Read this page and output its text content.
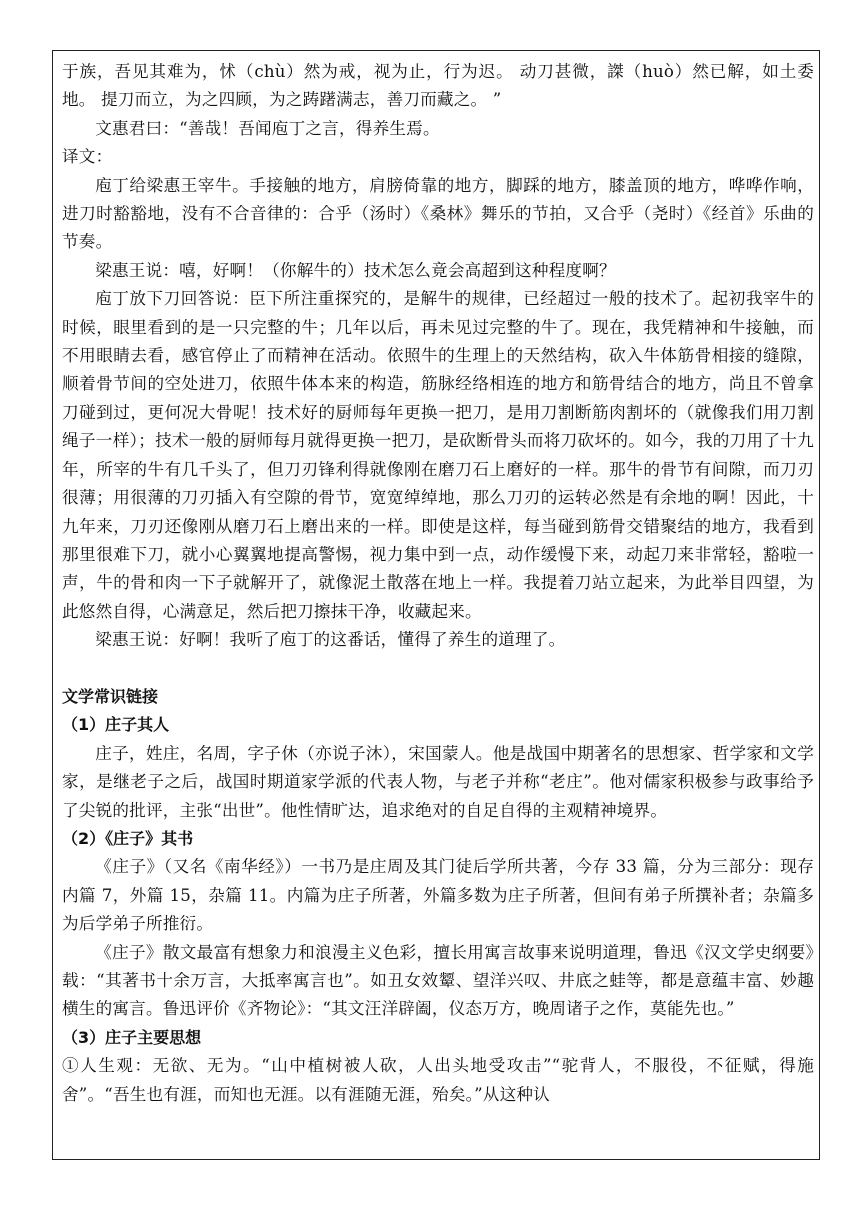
于族，吾见其难为，怵（chù）然为戒，视为止，行为迟。 动刀甚微，謋（huò）然已解，如土委地。 提刀而立，为之四顾，为之踌躇满志，善刀而藏之。 ”

文惠君曰：“善哉！吾闻庖丁之言，得养生焉。

译文：

庖丁给梁惠王宰牛。手接触的地方，肩膀倚靠的地方，脚踩的地方，膝盖顶的地方，哗哗作响，进刀时豁豁地，没有不合音律的：合乎（汤时）《桑林》舞乐的节拍，又合乎（尧时）《经首》乐曲的节奏。

梁惠王说：嘻，好啊！（你解牛的）技术怎么竟会高超到这种程度啊？

庖丁放下刀回答说：臣下所注重探究的，是解牛的规律，已经超过一般的技术了。起初我宰牛的时候，眼里看到的是一只完整的牛；几年以后，再未见过完整的牛了。现在，我凭精神和牛接触，而不用眼睛去看，感官停止了而精神在活动。依照牛的生理上的天然结构，砍入牛体筋骨相接的缝隙，顺着骨节间的空处进刀，依照牛体本来的构造，筋脉经络相连的地方和筋骨结合的地方，尚且不曾拿刀碰到过，更何况大骨呢！技术好的厨师每年更换一把刀，是用刀割断筋肉割坏的（就像我们用刀割绳子一样）；技术一般的厨师每月就得更换一把刀，是砍断骨头而将刀砍坏的。如今，我的刀用了十九年，所宰的牛有几千头了，但刀刃锋利得就像刚在磨刀石上磨好的一样。那牛的骨节有间隙，而刀刃很薄；用很薄的刀刃插入有空隙的骨节，宽宽绰绰地，那么刀刃的运转必然是有余地的啊！因此，十九年来，刀刃还像刚从磨刀石上磨出来的一样。即使是这样，每当碰到筋骨交错聚结的地方，我看到那里很难下刀，就小心翼翼地提高警惕，视力集中到一点，动作缓慢下来，动起刀来非常轻，豁啦一声，牛的骨和肉一下子就解开了，就像泥土散落在地上一样。我提着刀站立起来，为此举目四望，为此悠然自得，心满意足，然后把刀擦抹干净，收藏起来。

梁惠王说：好啊！我听了庖丁的这番话，懂得了养生的道理了。

文学常识链接

（1）庄子其人

庄子，姓庄，名周，字子休（亦说子沐），宋国蒙人。他是战国中期著名的思想家、哲学家和文学家，是继老子之后，战国时期道家学派的代表人物，与老子并称“老庄”。他对儒家积极参与政事给予了尖锐的批评，主张“出世”。他性情旷达，追求绝对的自足自得的主观精神境界。

（2）《庄子》其书

《庄子》（又名《南华经》）一书乃是庄周及其门徒后学所共著，今存 33 篇，分为三部分：现存内篇 7，外篇 15，杂篇 11。内篇为庄子所著，外篇多数为庄子所著，但间有弟子所撰补者；杂篇多为后学弟子所推衍。

《庄子》散文最富有想象力和浪漫主义色彩，擅长用寓言故事来说明道理，鲁迅《汉文学史纲要》载：“其著书十余万言，大抵率寓言也”。如丑女效颦、望洋兴叹、井底之蛙等，都是意蕴丰富、妙趣横生的寓言。鲁迅评价《齐物论》：“其文汪洋辟阖，仪态万方，晚周诸子之作，莫能先也。”

（3）庄子主要思想

①人生观：无欲、无为。“山中植树被人砍，人出头地受攻击”“驼背人，不服役，不征赋，得施舍”。“吾生也有涯，而知也无涯。以有涯随无涯，殆矣。”从这种认
